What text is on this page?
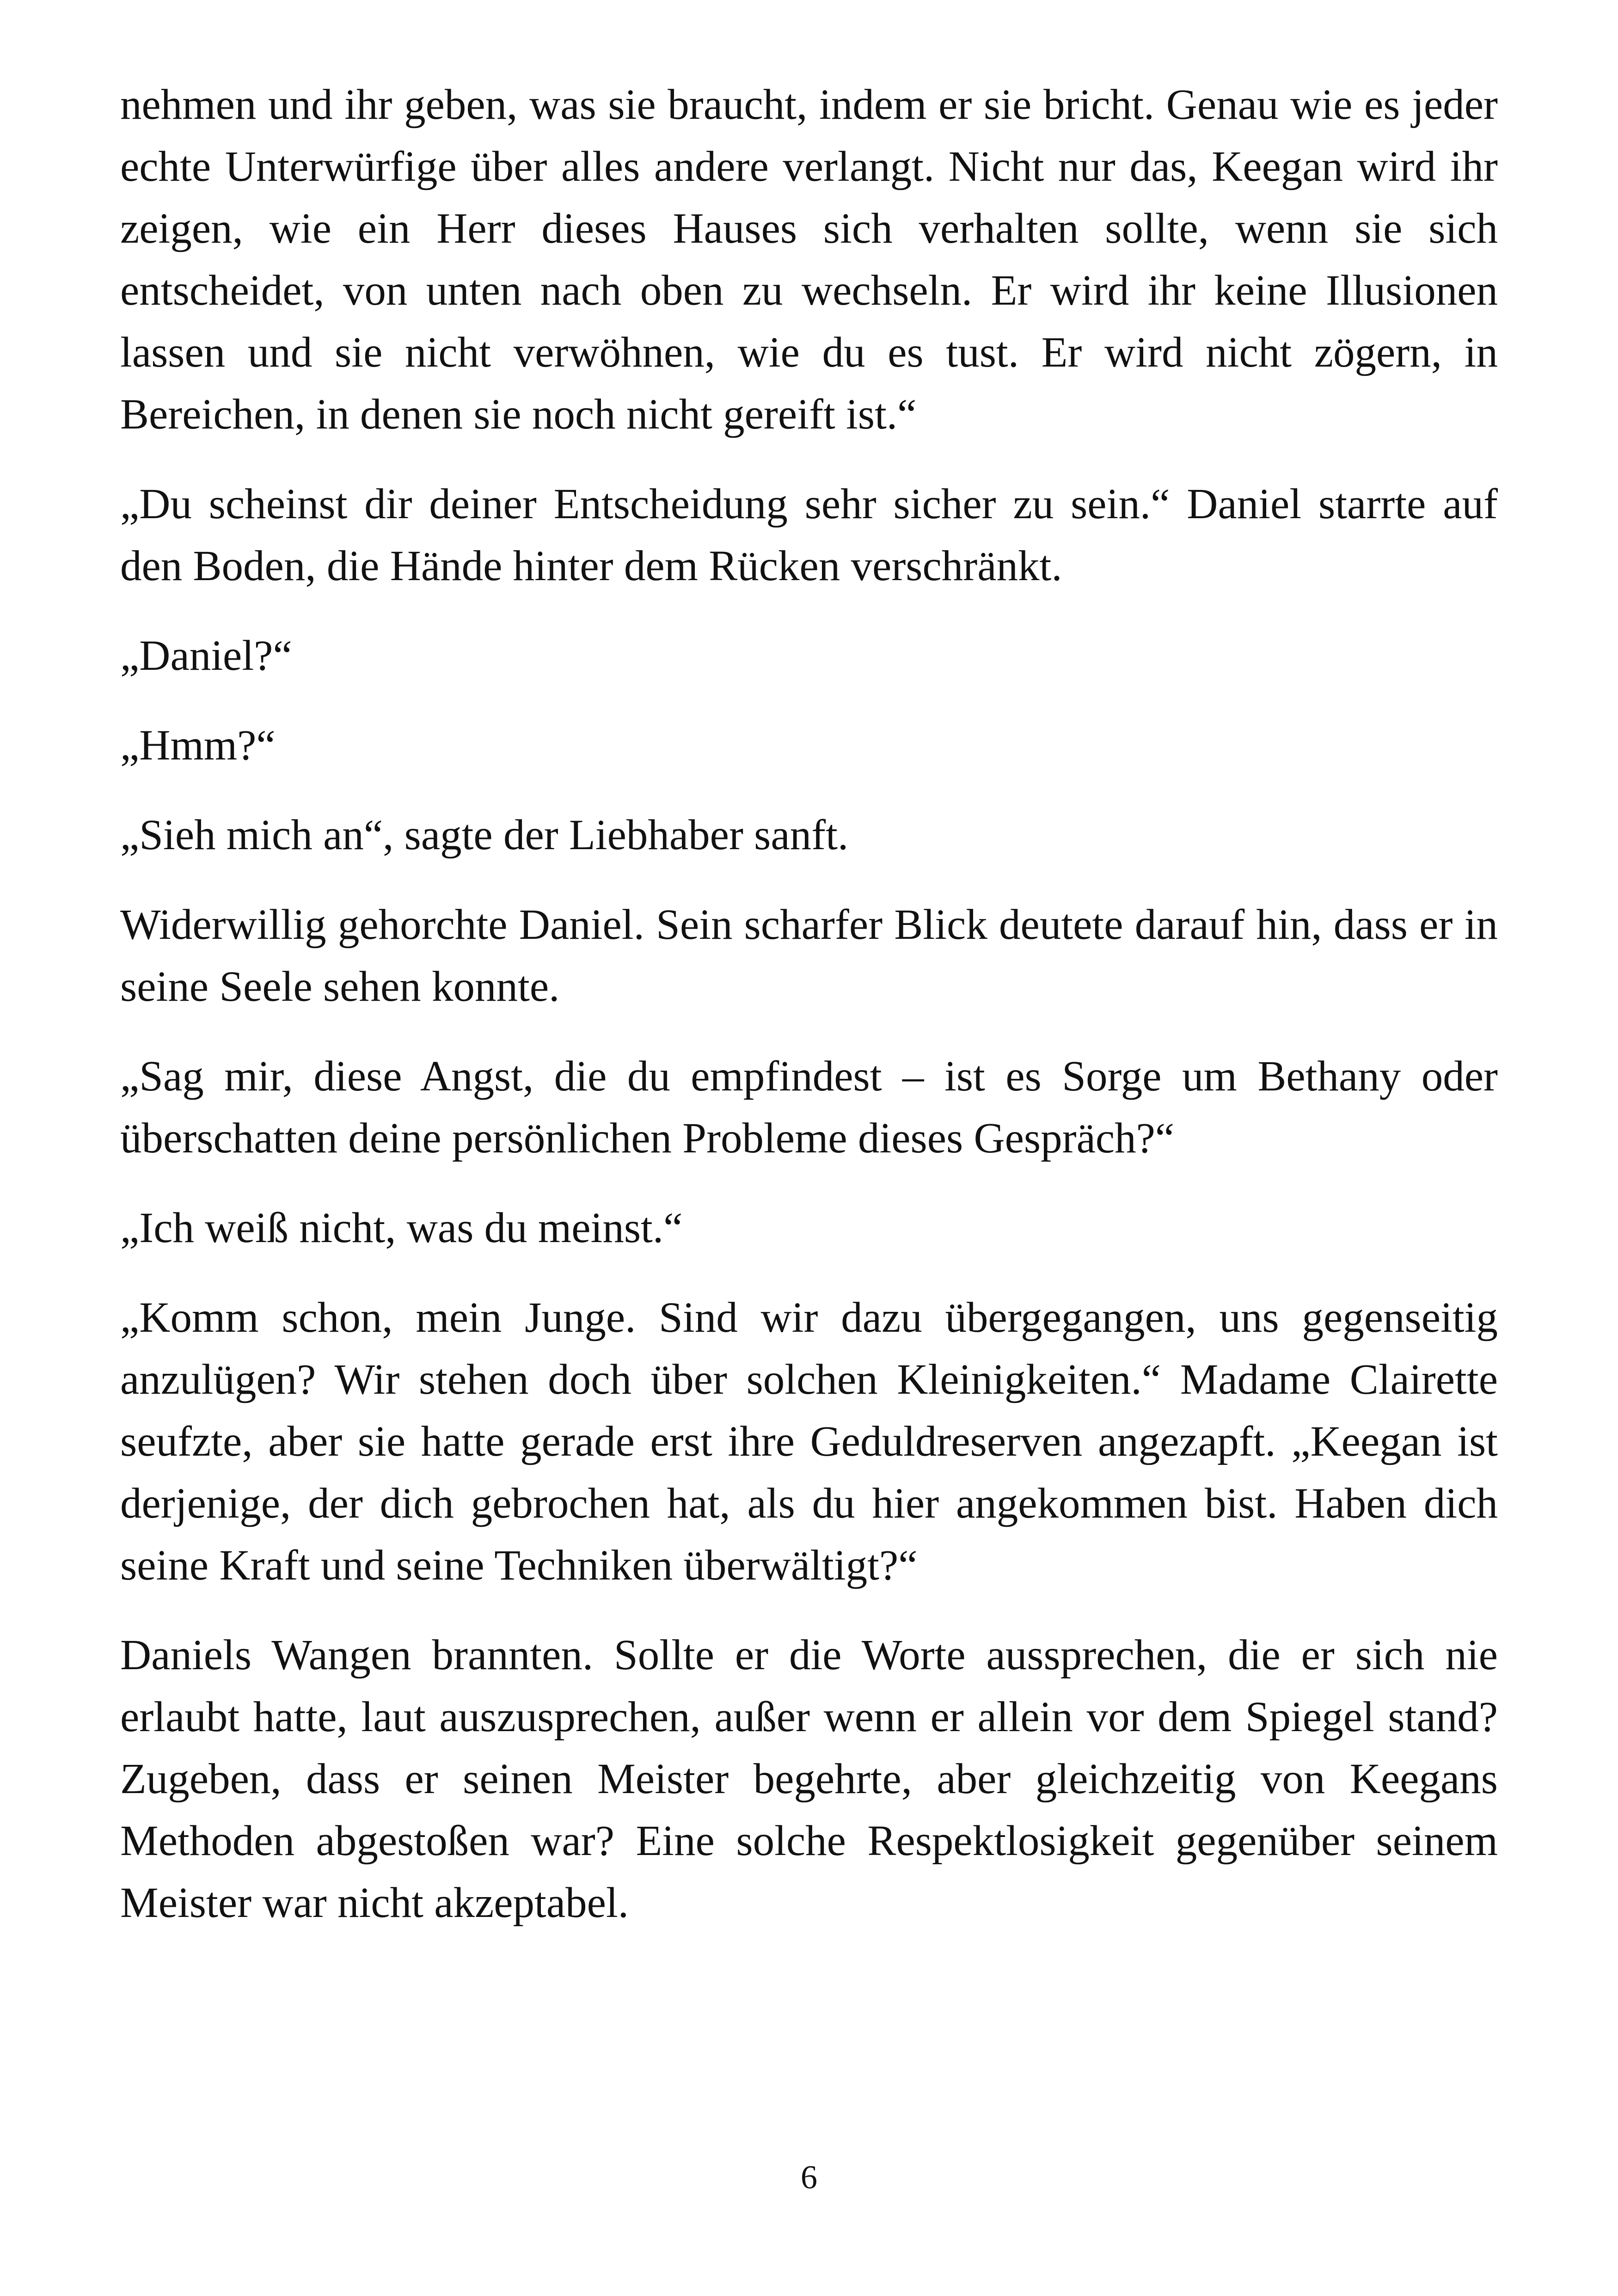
nehmen und ihr geben, was sie braucht, indem er sie bricht. Genau wie es jeder echte Unterwürfige über alles andere verlangt. Nicht nur das, Keegan wird ihr zeigen, wie ein Herr dieses Hauses sich verhalten sollte, wenn sie sich entscheidet, von unten nach oben zu wechseln. Er wird ihr keine Illusionen lassen und sie nicht verwöhnen, wie du es tust. Er wird nicht zögern, in Bereichen, in denen sie noch nicht gereift ist.“

„Du scheinst dir deiner Entscheidung sehr sicher zu sein.“ Daniel starrte auf den Boden, die Hände hinter dem Rücken verschränkt.

„Daniel?“

„Hmm?“

„Sieh mich an“, sagte der Liebhaber sanft.

Widerwillig gehorchte Daniel. Sein scharfer Blick deutete darauf hin, dass er in seine Seele sehen konnte.

„Sag mir, diese Angst, die du empfindest – ist es Sorge um Bethany oder überschatten deine persönlichen Probleme dieses Gespräch?“

„Ich weiß nicht, was du meinst.“

„Komm schon, mein Junge. Sind wir dazu übergegangen, uns gegenseitig anzulügen? Wir stehen doch über solchen Kleinigkeiten.“ Madame Clairette seufzte, aber sie hatte gerade erst ihre Geduldreserven angezapft. „Keegan ist derjenige, der dich gebrochen hat, als du hier angekommen bist. Haben dich seine Kraft und seine Techniken überwältigt?“

Daniels Wangen brannten. Sollte er die Worte aussprechen, die er sich nie erlaubt hatte, laut auszusprechen, außer wenn er allein vor dem Spiegel stand? Zugeben, dass er seinen Meister begehrte, aber gleichzeitig von Keegans Methoden abgestoßen war? Eine solche Respektlosigkeit gegenüber seinem Meister war nicht akzeptabel.

6
